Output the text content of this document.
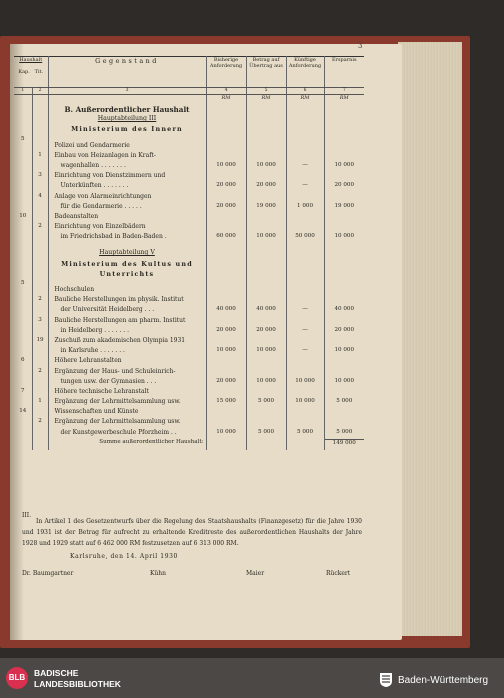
3
Haushalt
Kap. Tit.		Gegenstand	Bisherige Anforderung	Betrag auf Übertrag aus	Künftige Anforderung	Ersparnis
1	2	3	4	5	6	7
			RM	RM	RM	RM
		B. Außerordentlicher Haushalt				
		Hauptabteilung III				
		Ministerium des Innern				
5						
		Polizei und Gendarmerie				
	1	Einbau von Heizanlagen in Kraft-				
		wagenhallen . . . . . . .	10 000	10 000	—	10 000
	3	Einrichtung von Dienstzimmern und				
		Unterkünften . . . . . . .	20 000	20 000	—	20 000
	4	Anlage von Alarmeinrichtungen				
		für die Gendarmerie . . . . .	20 000	19 000	1 000	19 000
10		Badeanstalten				
	2	Einrichtung von Einzelbädern				
		im Friedrichsbad in Baden-Baden .	60 000	10 000	50 000	10 000

		Hauptabteilung V				
		Ministerium des Kultus und				
		Unterrichts				
5						
		Hochschulen				
	2	Bauliche Herstellungen im physik. Institut				
		der Universität Heidelberg . . .	40 000	40 000	—	40 000
	3	Bauliche Herstellungen am pharm. Institut				
		in Heidelberg . . . . . . .	20 000	20 000	—	20 000
	19	Zuschuß zum akademischen Olympia 1931				
		in Karlsruhe . . . . . . .	10 000	10 000	—	10 000
6		Höhere Lehranstalten				
	2	Ergänzung der Haus- und Schuleinrich-				
		tungen usw. der Gymnasien . . .	20 000	10 000	10 000	10 000
7		Höhere technische Lehranstalt				
	1	Ergänzung der Lehrmittelsammlung usw.	15 000	5 000	10 000	5 000
14		Wissenschaften und Künste				
	2	Ergänzung der Lehrmittelsammlung usw.				
		der Kunstgewerbeschule Pforzheim . .	10 000	5 000	5 000	5 000
		Summe außerordentlicher Haushalt:				149 000
III.
In Artikel 1 des Gesetzentwurfs über die Regelung des Staatshaushalts (Finanzgesetz) für die Jahre 1930 und 1931 ist der Betrag für aufrecht zu erhaltende Kreditreste des außerordentlichen Haushalts der Jahre 1928 und 1929 statt auf 6 462 000 RM festzusetzen auf 6 313 000 RM.
Karlsruhe, den 14. April 1930
Dr. Baumgartner	Kühn	Maier	Rückert
BLB	BADISCHE
LANDESBIBLIOTHEK	Baden-Württemberg
